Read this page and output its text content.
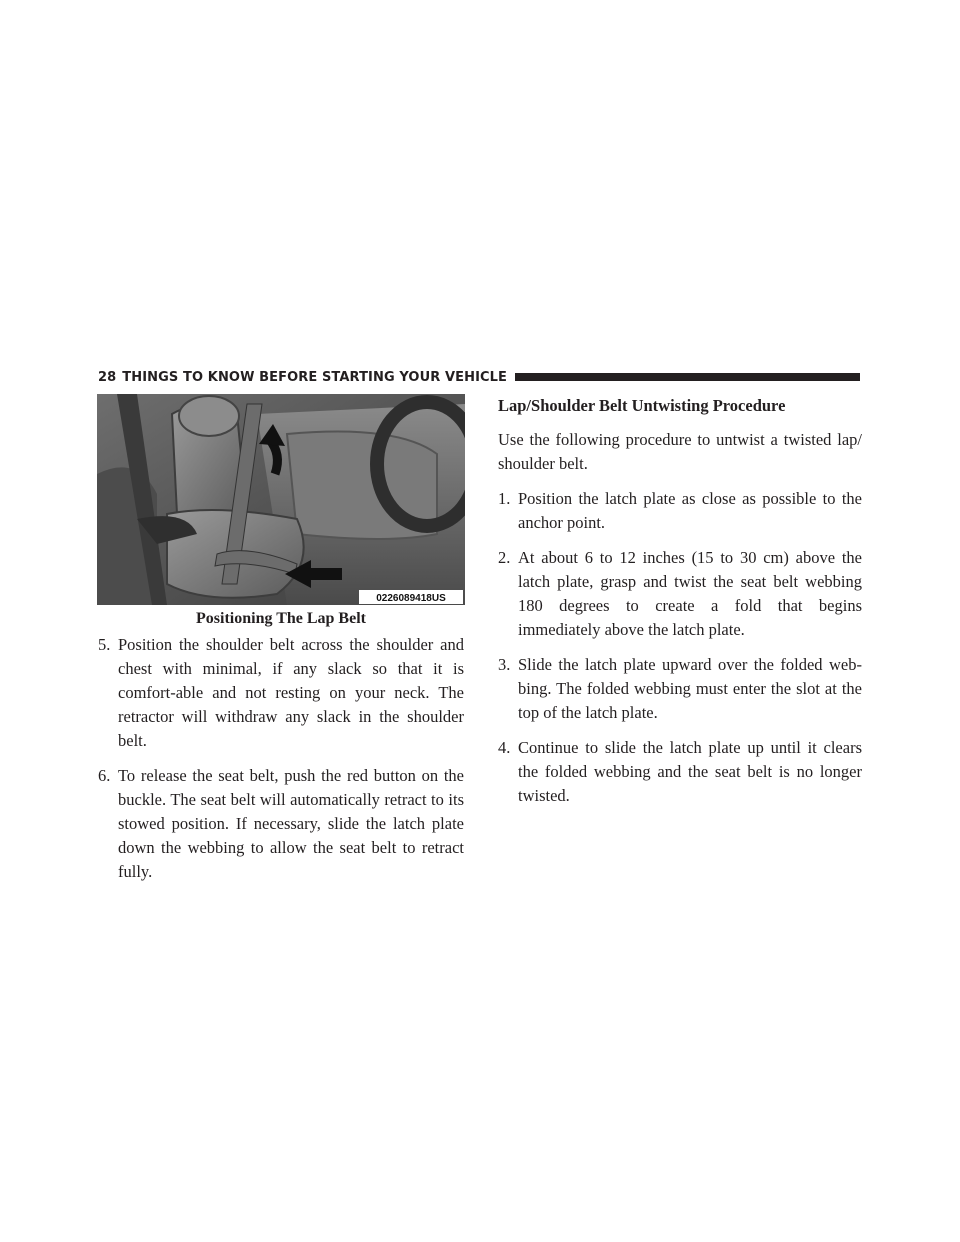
28 THINGS TO KNOW BEFORE STARTING YOUR VEHICLE
0226089418US
Positioning The Lap Belt
5. Position the shoulder belt across the shoulder and chest with minimal, if any slack so that it is comfort-able and not resting on your neck. The retractor will withdraw any slack in the shoulder belt.
6. To release the seat belt, push the red button on the buckle. The seat belt will automatically retract to its stowed position. If necessary, slide the latch plate down the webbing to allow the seat belt to retract fully.
Lap/Shoulder Belt Untwisting Procedure
Use the following procedure to untwist a twisted lap/ shoulder belt.
1. Position the latch plate as close as possible to the anchor point.
2. At about 6 to 12 inches (15 to 30 cm) above the latch plate, grasp and twist the seat belt webbing 180 degrees to create a fold that begins immediately above the latch plate.
3. Slide the latch plate upward over the folded web-bing. The folded webbing must enter the slot at the top of the latch plate.
4. Continue to slide the latch plate up until it clears the folded webbing and the seat belt is no longer twisted.
